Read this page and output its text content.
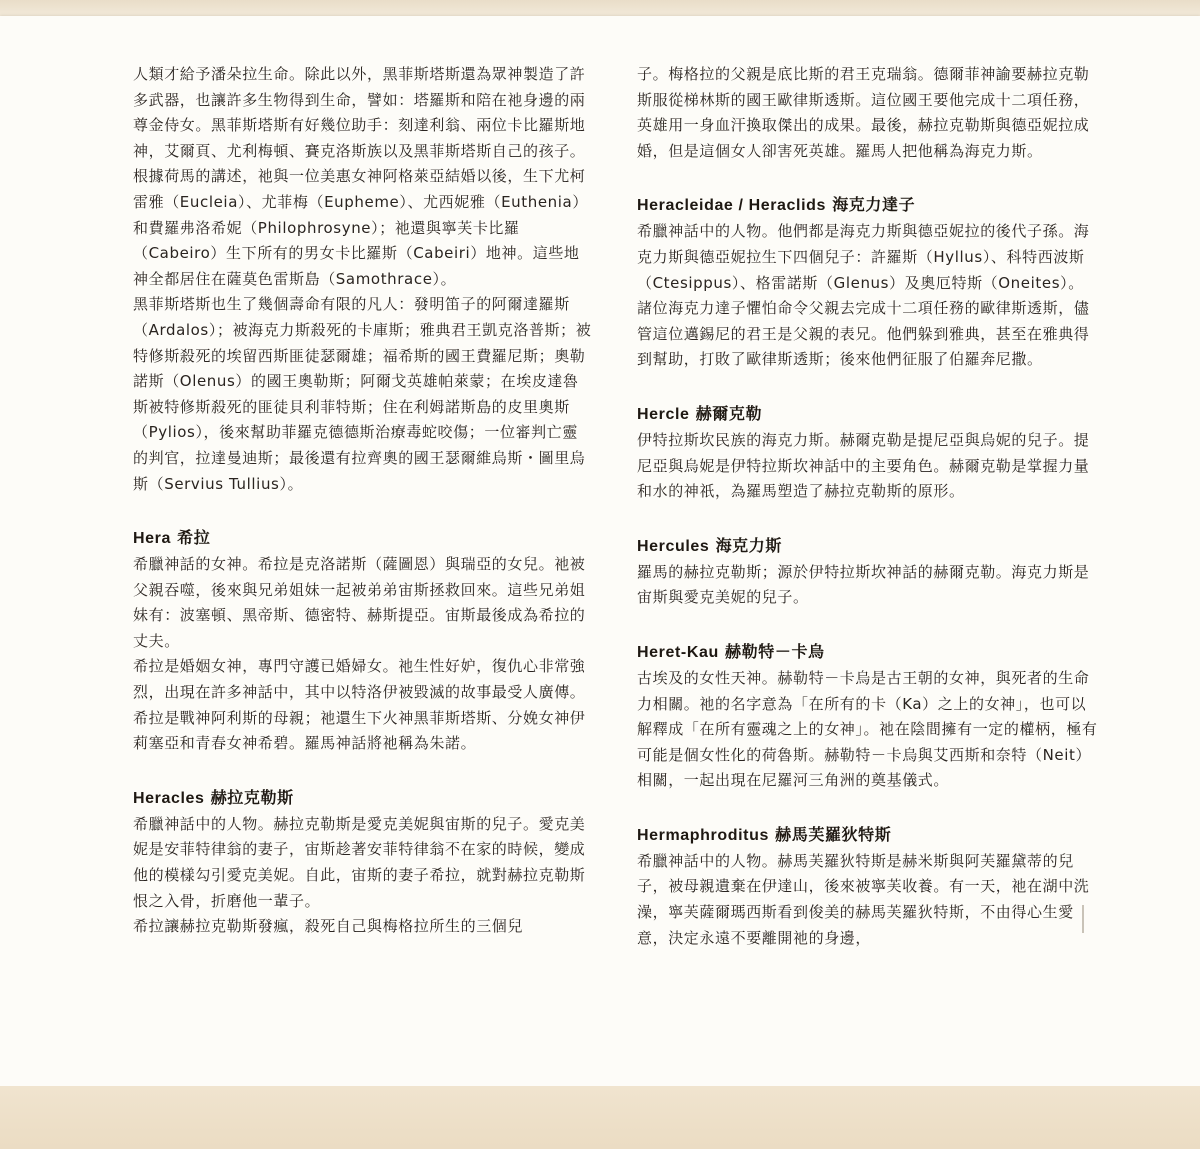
人類才給予潘朵拉生命。除此以外，黑菲斯塔斯還為眾神製造了許多武器，也讓許多生物得到生命，譬如：塔羅斯和陪在祂身邊的兩尊金侍女。黑菲斯塔斯有好幾位助手：刻達利翁、兩位卡比羅斯地神，艾爾頁、尤利梅頓、賽克洛斯族以及黑菲斯塔斯自己的孩子。

根據荷馬的講述，祂與一位美惠女神阿格萊亞結婚以後，生下尤柯雷雅（Eucleia）、尤菲梅（Eupheme）、尤西妮雅（Euthenia）和費羅弗洛希妮（Philophrosyne）；祂還與寧芙卡比羅（Cabeiro）生下所有的男女卡比羅斯（Cabeiri）地神。這些地神全都居住在薩莫色雷斯島（Samothrace）。

黑菲斯塔斯也生了幾個壽命有限的凡人：發明笛子的阿爾達羅斯（Ardalos）；被海克力斯殺死的卡庫斯；雅典君王凱克洛普斯；被特修斯殺死的埃留西斯匪徒瑟爾雄；福希斯的國王費羅尼斯；奧勒諾斯（Olenus）的國王奧勒斯；阿爾戈英雄帕萊蒙；在埃皮達魯斯被特修斯殺死的匪徒貝利菲特斯；住在利姆諾斯島的皮里奧斯（Pylios），後來幫助菲羅克德德斯治療毒蛇咬傷；一位審判亡靈的判官，拉達曼迪斯；最後還有拉齊奧的國王瑟爾維烏斯・圖里烏斯（Servius Tullius）。

Hera 希拉

希臘神話的女神。希拉是克洛諾斯（薩圖恩）與瑞亞的女兒。祂被父親吞噬，後來與兄弟姐妹一起被弟弟宙斯拯救回來。這些兄弟姐妹有：波塞頓、黑帝斯、德密特、赫斯提亞。宙斯最後成為希拉的丈夫。

希拉是婚姻女神，專門守護已婚婦女。祂生性好妒，復仇心非常強烈，出現在許多神話中，其中以特洛伊被毀滅的故事最受人廣傳。希拉是戰神阿利斯的母親；祂還生下火神黑菲斯塔斯、分娩女神伊莉塞亞和青春女神希碧。羅馬神話將祂稱為朱諾。

Heracles 赫拉克勒斯

希臘神話中的人物。赫拉克勒斯是愛克美妮與宙斯的兒子。愛克美妮是安菲特律翁的妻子，宙斯趁著安菲特律翁不在家的時候，變成他的模樣勾引愛克美妮。自此，宙斯的妻子希拉，就對赫拉克勒斯恨之入骨，折磨他一輩子。

希拉讓赫拉克勒斯發瘋，殺死自己與梅格拉所生的三個兒

子。梅格拉的父親是底比斯的君王克瑞翁。德爾菲神諭要赫拉克勒斯服從梯林斯的國王歐律斯透斯。這位國王要他完成十二項任務，英雄用一身血汗換取傑出的成果。最後，赫拉克勒斯與德亞妮拉成婚，但是這個女人卻害死英雄。羅馬人把他稱為海克力斯。

Heracleidae / Heraclids 海克力達子

希臘神話中的人物。他們都是海克力斯與德亞妮拉的後代子孫。海克力斯與德亞妮拉生下四個兒子：許羅斯（Hyllus）、科特西波斯（Ctesippus）、格雷諾斯（Glenus）及奧厄特斯（Oneites）。諸位海克力達子懼怕命令父親去完成十二項任務的歐律斯透斯，儘管這位邁錫尼的君王是父親的表兄。他們躲到雅典，甚至在雅典得到幫助，打敗了歐律斯透斯；後來他們征服了伯羅奔尼撒。

Hercle 赫爾克勒

伊特拉斯坎民族的海克力斯。赫爾克勒是提尼亞與烏妮的兒子。提尼亞與烏妮是伊特拉斯坎神話中的主要角色。赫爾克勒是掌握力量和水的神祇，為羅馬塑造了赫拉克勒斯的原形。

Hercules 海克力斯

羅馬的赫拉克勒斯；源於伊特拉斯坎神話的赫爾克勒。海克力斯是宙斯與愛克美妮的兒子。

Heret-Kau 赫勒特－卡烏

古埃及的女性天神。赫勒特－卡烏是古王朝的女神，與死者的生命力相關。祂的名字意為「在所有的卡（Ka）之上的女神」，也可以解釋成「在所有靈魂之上的女神」。祂在陰間擁有一定的權柄，極有可能是個女性化的荷魯斯。赫勒特－卡烏與艾西斯和奈特（Neit）相關，一起出現在尼羅河三角洲的奠基儀式。

Hermaphroditus 赫馬芙羅狄特斯

希臘神話中的人物。赫馬芙羅狄特斯是赫米斯與阿芙羅黛蒂的兒子，被母親遺棄在伊達山，後來被寧芙收養。有一天，祂在湖中洗澡，寧芙薩爾瑪西斯看到俊美的赫馬芙羅狄特斯，不由得心生愛意，決定永遠不要離開祂的身邊，
